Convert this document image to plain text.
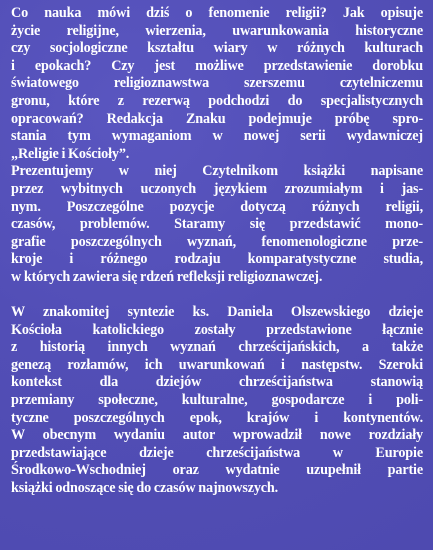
Co nauka mówi dziś o fenomenie religii? Jak opisuje
życie religijne, wierzenia, uwarunkowania historyczne
czy socjologiczne kształtu wiary w różnych kulturach
i epokach? Czy jest możliwe przedstawienie dorobku
światowego religioznawstwa szerszemu czytelniczemu
gronu, które z rezerwą podchodzi do specjalistycznych
opracowań? Redakcja Znaku podejmuje próbę spro-
stania tym wymaganiom w nowej serii wydawniczej
„Religie i Kościoły”.
Prezentujemy w niej Czytelnikom książki napisane
przez wybitnych uczonych językiem zrozumiałym i jas-
nym. Poszczególne pozycje dotyczą różnych religii,
czasów, problemów. Staramy się przedstawić mono-
grafie poszczególnych wyznań, fenomenologiczne prze-
kroje i różnego rodzaju komparatystyczne studia,
w których zawiera się rdzeń refleksji religioznawczej.
W znakomitej syntezie ks. Daniela Olszewskiego dzieje
Kościoła katolickiego zostały przedstawione łącznie
z historią innych wyznań chrześcijańskich, a także
genezą rozłamów, ich uwarunkowań i następstw. Szeroki
kontekst dla dziejów chrześcijaństwa stanowią
przemiany społeczne, kulturalne, gospodarcze i poli-
tyczne poszczególnych epok, krajów i kontynentów.
W obecnym wydaniu autor wprowadził nowe rozdziały
przedstawiające dzieje chrześcijaństwa w Europie
Środkowo-Wschodniej oraz wydatnie uzupełnił partie
książki odnoszące się do czasów najnowszych.
